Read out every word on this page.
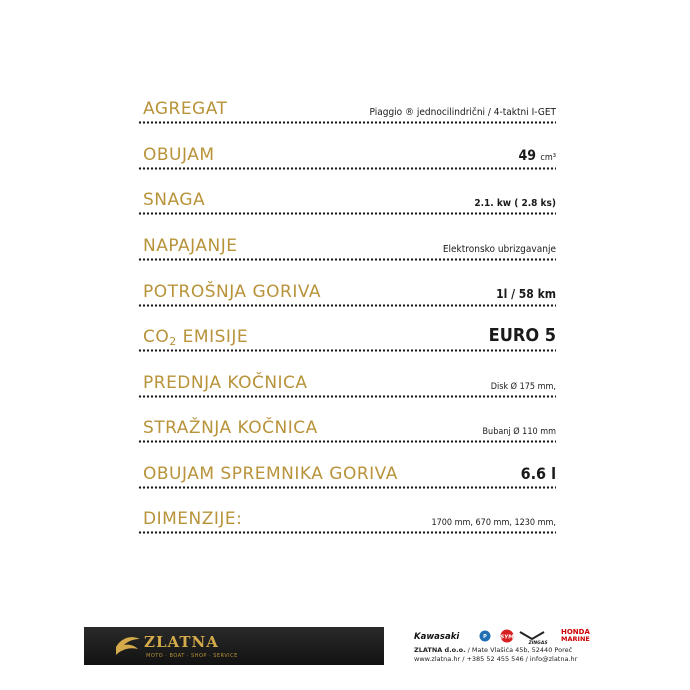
AGREGAT	Piaggio ® jednocilindrični / 4-taktni I-GET
OBUJAM	49 cm³
SNAGA	2.1. kw ( 2.8 ks)
NAPAJANJE	Elektronsko ubrizgavanje
POTROŠNJA GORIVA	1l / 58 km
CO2 EMISIJE	EURO 5
PREDNJA KOČNICA	Disk Ø 175 mm,
STRAŽNJA KOČNICA	Bubanj Ø 110 mm
OBUJAM SPREMNIKA GORIVA	6.6 l
DIMENZIJE:	1700 mm, 670 mm, 1230 mm,
ZLATNA
MOTO · BOAT · SHOP · SERVICE
Kawasaki	P SYM
ZINGAS
HONDA
MARINE
ZLATNA d.o.o. / Mate Vlašića 45b, 52440 Poreč
www.zlatna.hr / +385 52 455 546 / info@zlatna.hr
